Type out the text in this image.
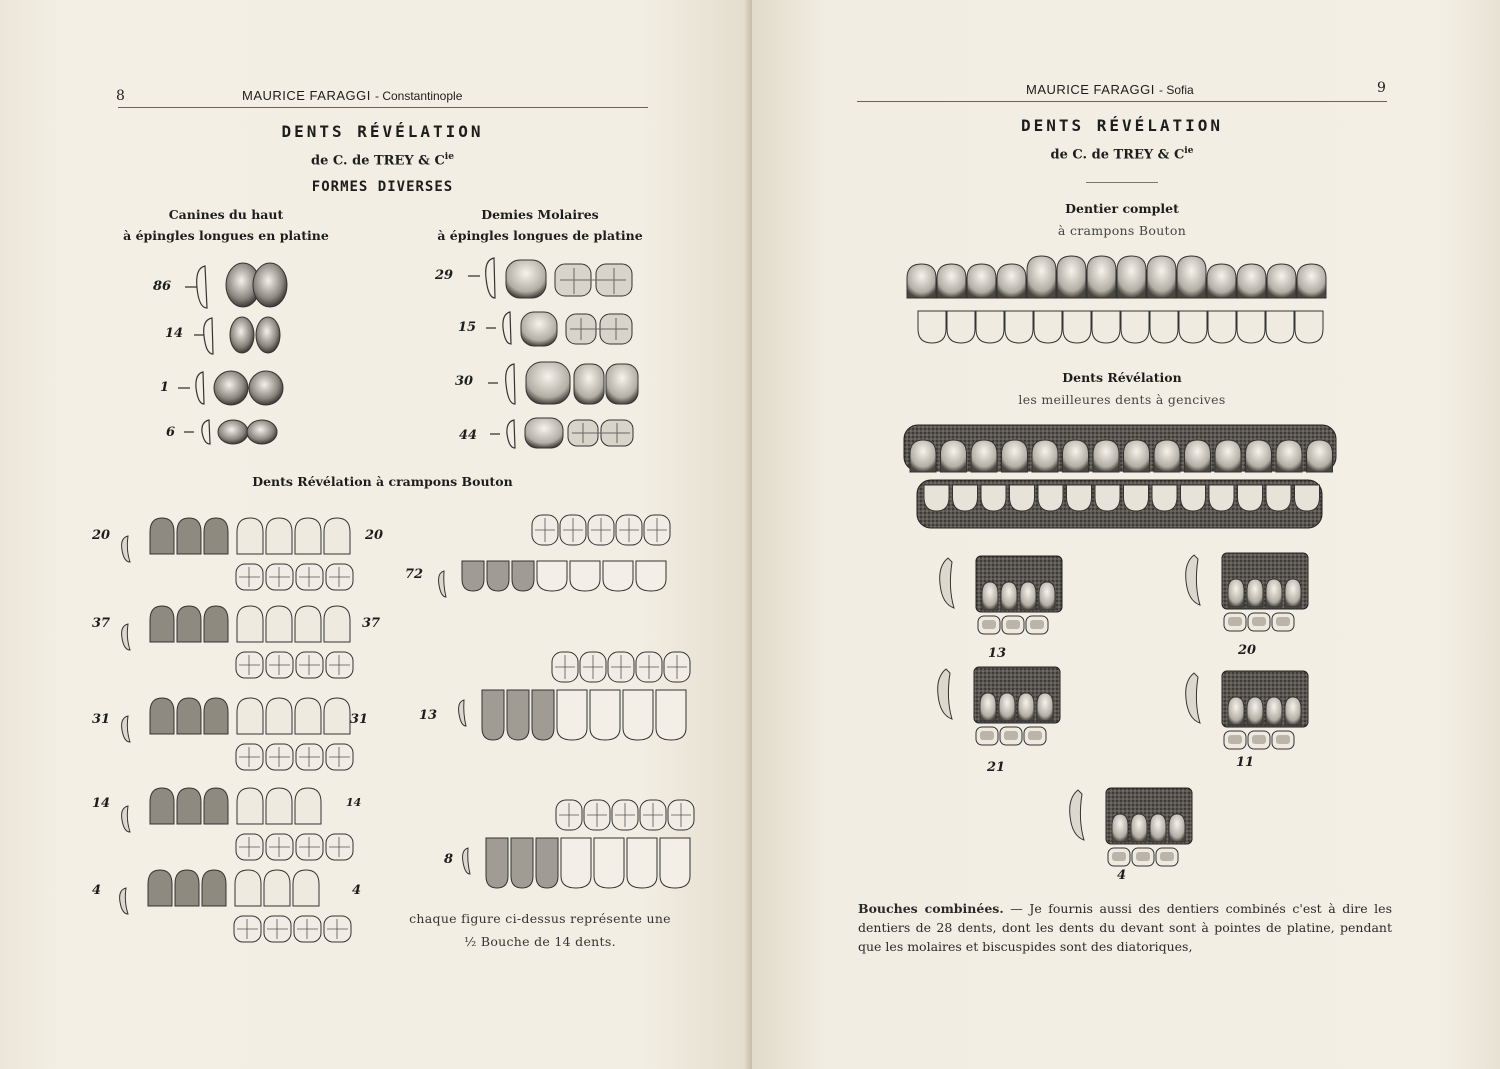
8	MAURICE FARAGGI - Constantinople
DENTS RÉVÉLATION
de C. de TREY & $C^{ie}$
FORMES DIVERSES
Canines du haut
à épingles longues en platine
Demies Molaires
à épingles longues de platine
86
14
1
6
29
15
30
44
Dents Révélation à crampons Bouton
20	20
37	37
31	31
14	14
4	4
72
13
8
chaque figure ci-dessus représente une
½ Bouche de 14 dents.
MAURICE FARAGGI - Sofia	9
DENTS RÉVÉLATION
de C. de TREY & $C^{ie}$
Dentier complet
à crampons Bouton
Dents Révélation
les meilleures dents à gencives
13	20
21	11
4
Bouches combinées. — Je fournis aussi des dentiers combinés c'est à dire les dentiers de 28 dents, dont les dents du devant sont à pointes de platine, pendant que les molaires et biscuspides sont des diatoriques,
